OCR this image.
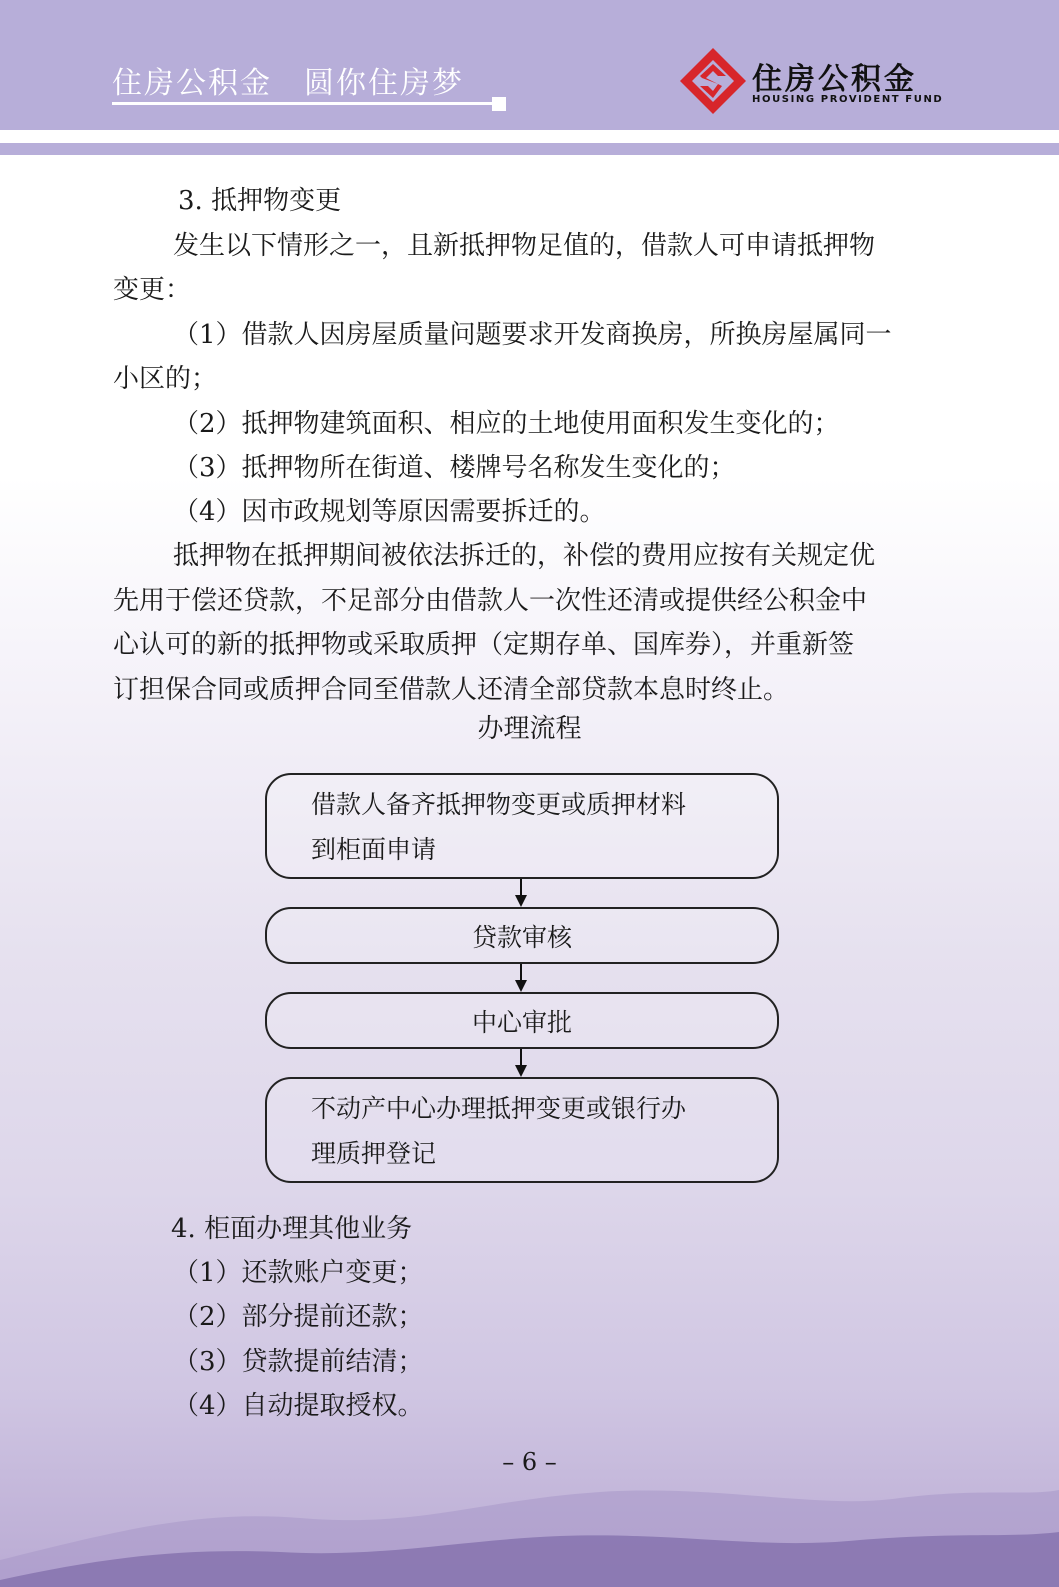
住房公积金 圆你住房梦	住房公积金
HOUSING PROVIDENT FUND
3. 抵押物变更
发生以下情形之一，且新抵押物足值的，借款人可申请抵押物
变更：
（1）借款人因房屋质量问题要求开发商换房，所换房屋属同一
小区的；
（2）抵押物建筑面积、相应的土地使用面积发生变化的；
（3）抵押物所在街道、楼牌号名称发生变化的；
（4）因市政规划等原因需要拆迁的。
抵押物在抵押期间被依法拆迁的，补偿的费用应按有关规定优
先用于偿还贷款，不足部分由借款人一次性还清或提供经公积金中
心认可的新的抵押物或采取质押（定期存单、国库券），并重新签
订担保合同或质押合同至借款人还清全部贷款本息时终止。
办理流程
借款人备齐抵押物变更或质押材料
到柜面申请
贷款审核
中心审批
不动产中心办理抵押变更或银行办
理质押登记
4. 柜面办理其他业务
（1）还款账户变更；
（2）部分提前还款；
（3）贷款提前结清；
（4）自动提取授权。
– 6 –
